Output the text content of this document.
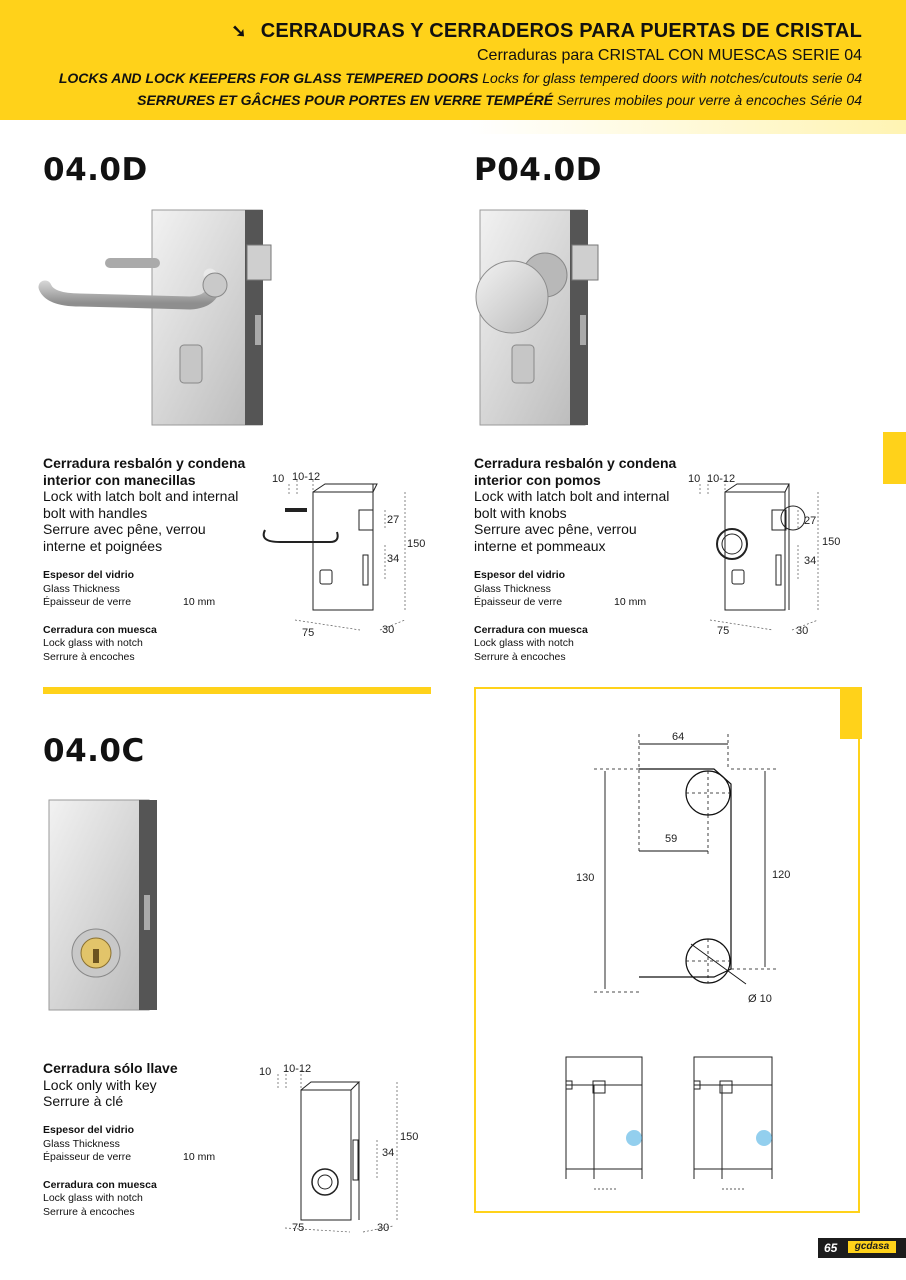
➘ CERRADURAS Y CERRADEROS PARA PUERTAS DE CRISTAL
Cerraduras para CRISTAL CON MUESCAS SERIE 04
LOCKS AND LOCK KEEPERS FOR GLASS TEMPERED DOORS Locks for glass tempered doors with notches/cutouts serie 04
SERRURES ET GÂCHES POUR PORTES EN VERRE TEMPÉRÉ Serrures mobiles pour verre à encoches Série 04
04.0D	P04.0D
04.0C
Cerradura resbalón y condena
interior con manecillas
Lock with latch bolt and internal bolt with handles
Serrure avec pêne, verrou interne et poignées
Cerradura resbalón y condena
interior con pomos
Lock with latch bolt and internal bolt with knobs
Serrure avec pêne, verrou interne et pommeaux
Cerradura sólo llave
Lock only with key
Serrure à clé
Espesor del vidrio
Glass Thickness
Épaisseur de verre	10 mm
Cerradura con muesca
Lock glass with notch
Serrure à encoches
Espesor del vidrio
Glass Thickness
Épaisseur de verre	10 mm
Cerradura con muesca
Lock glass with notch
Serrure à encoches
Espesor del vidrio
Glass Thickness
Épaisseur de verre	10 mm
Cerradura con muesca
Lock glass with notch
Serrure à encoches
10 10-12
27
34
150
75	30
10 10-12
27
34
150
75	30
10 10-12
34
150
75	30
64
59
130	120
Ø 10
65	gcdasa
